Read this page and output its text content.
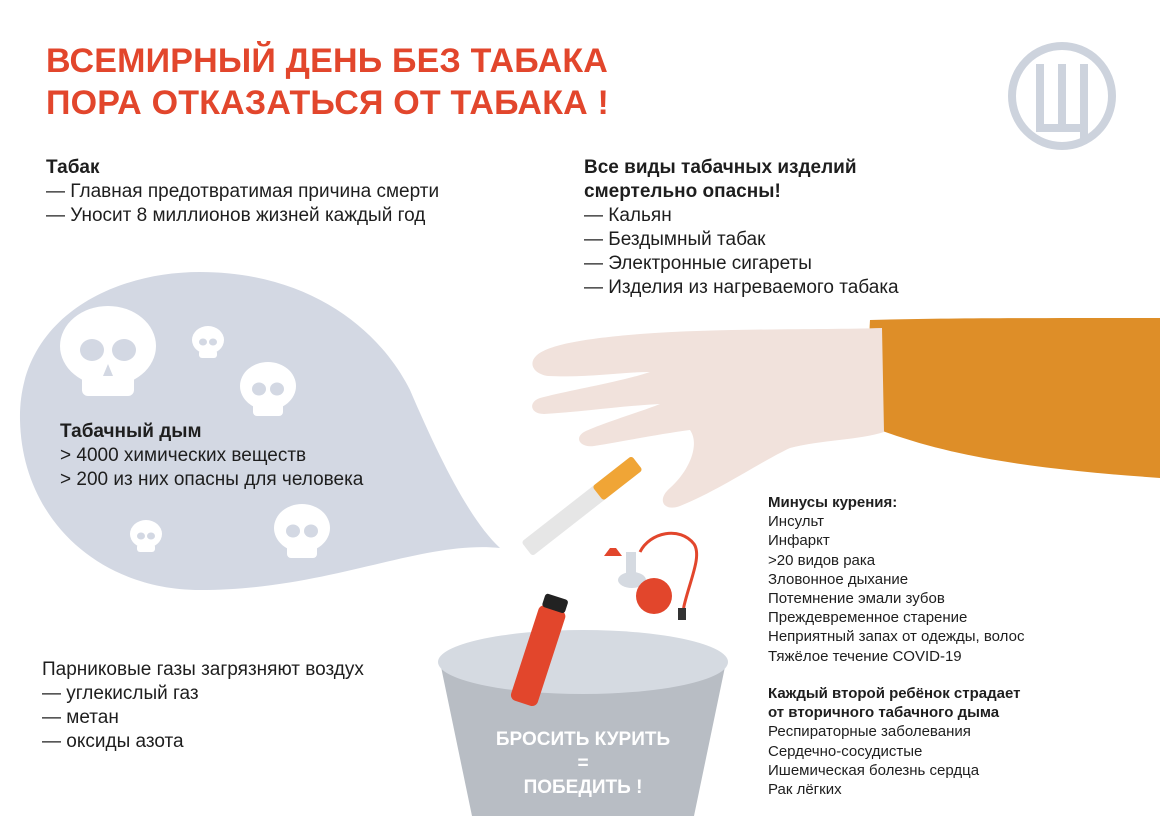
ВСЕМИРНЫЙ ДЕНЬ БЕЗ ТАБАКА
ПОРА ОТКАЗАТЬСЯ ОТ ТАБАКА !
Табак
— Главная предотвратимая причина смерти
— Уносит 8 миллионов жизней каждый год
Все виды табачных изделий
смертельно опасны!
— Кальян
— Бездымный табак
— Электронные сигареты
— Изделия из нагреваемого табака
Табачный дым
> 4000 химических веществ
> 200 из них опасны для человека
Парниковые газы загрязняют воздух
— углекислый газ
— метан
— оксиды азота
Минусы курения:
Инсульт
Инфаркт
>20 видов рака
Зловонное дыхание
Потемнение эмали зубов
Преждевременное старение
Неприятный запах от одежды, волос
Тяжёлое течение COVID-19
Каждый второй ребёнок страдает
от вторичного табачного дыма
Респираторные заболевания
Сердечно-сосудистые
Ишемическая болезнь сердца
Рак лёгких
БРОСИТЬ КУРИТЬ
=
ПОБЕДИТЬ !
